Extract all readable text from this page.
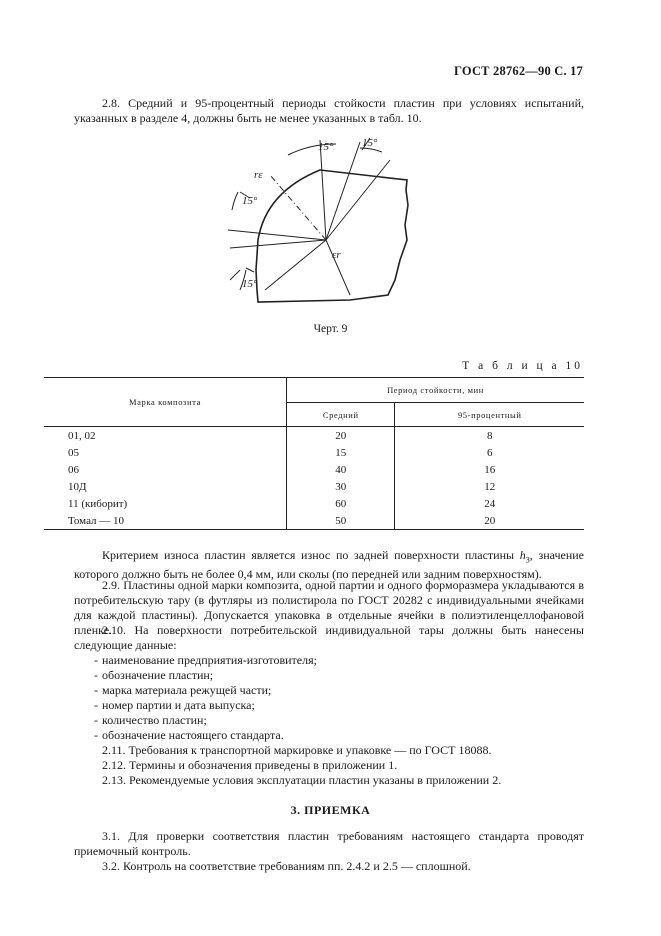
ГОСТ 28762—90 С. 17
2.8. Средний и 95-процентный периоды стойкости пластин при условиях испытаний, указанных в разделе 4, должны быть не менее указанных в табл. 10.
15°	15°
15°
15°
rε
εr
Черт. 9
Т а б л и ц а 10
Марка композита	Период стойкости, мин	
	Средний	95-процентный
01, 02	20	8
05	15	6
06	40	16
10Д	30	12
11 (киборит)	60	24
Томал — 10	50	20
Критерием износа пластин является износ по задней поверхности пластины $h_3$, значение которого должно быть не более 0,4 мм, или сколы (по передней или задним поверхностям).
2.9. Пластины одной марки композита, одной партии и одного формоpазмера укладываются в потребительскую тару (в футляры из полистирола по ГОСТ 20282 с индивидуальными ячейками для каждой пластины). Допускается упаковка в отдельные ячейки в полиэтиленцеллофановой пленке.
2.10. На поверхности потребительской индивидуальной тары должны быть нанесены следующие данные:
- наименование предприятия-изготовителя;
- обозначение пластин;
- марка материала режущей части;
- номер партии и дата выпуска;
- количество пластин;
- обозначение настоящего стандарта.
2.11. Требования к транспортной маркировке и упаковке — по ГОСТ 18088.
2.12. Термины и обозначения приведены в приложении 1.
2.13. Рекомендуемые условия эксплуатации пластин указаны в приложении 2.
3. ПРИЕМКА
3.1. Для проверки соответствия пластин требованиям настоящего стандарта проводят приемочный контроль.
3.2. Контроль на соответствие требованиям пп. 2.4.2 и 2.5 — сплошной.
